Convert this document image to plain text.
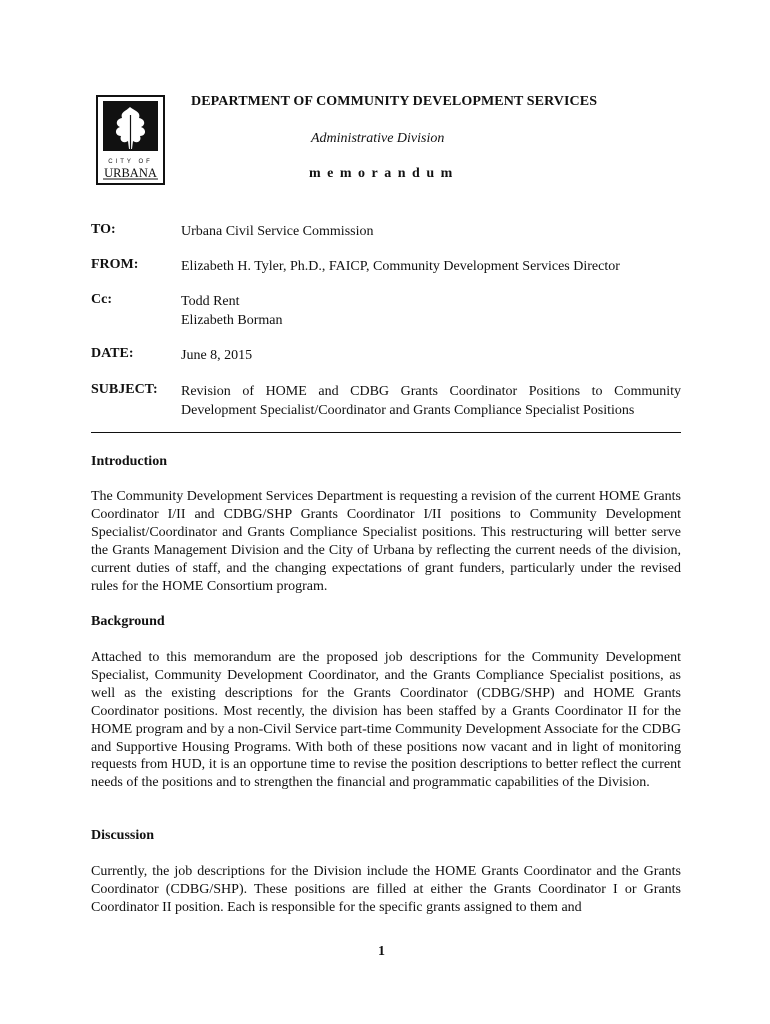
CITY OF
URBANA
DEPARTMENT OF COMMUNITY DEVELOPMENT SERVICES
Administrative Division
memorandum
TO:	Urbana Civil Service Commission
FROM:	Elizabeth H. Tyler, Ph.D., FAICP, Community Development Services Director
Cc:	Todd Rent
Elizabeth Borman
DATE:	June 8, 2015
SUBJECT: Revision of HOME and CDBG Grants Coordinator Positions to Community Development Specialist/Coordinator and Grants Compliance Specialist Positions
Introduction
The Community Development Services Department is requesting a revision of the current HOME Grants Coordinator I/II and CDBG/SHP Grants Coordinator I/II positions to Community Development Specialist/Coordinator and Grants Compliance Specialist positions. This restructuring will better serve the Grants Management Division and the City of Urbana by reflecting the current needs of the division, current duties of staff, and the changing expectations of grant funders, particularly under the revised rules for the HOME Consortium program.
Background
Attached to this memorandum are the proposed job descriptions for the Community Development Specialist, Community Development Coordinator, and the Grants Compliance Specialist positions, as well as the existing descriptions for the Grants Coordinator (CDBG/SHP) and HOME Grants Coordinator positions. Most recently, the division has been staffed by a Grants Coordinator II for the HOME program and by a non-Civil Service part-time Community Development Associate for the CDBG and Supportive Housing Programs. With both of these positions now vacant and in light of monitoring requests from HUD, it is an opportune time to revise the position descriptions to better reflect the current needs of the positions and to strengthen the financial and programmatic capabilities of the Division.
Discussion
Currently, the job descriptions for the Division include the HOME Grants Coordinator and the Grants Coordinator (CDBG/SHP). These positions are filled at either the Grants Coordinator I or Grants Coordinator II position. Each is responsible for the specific grants assigned to them and
1
